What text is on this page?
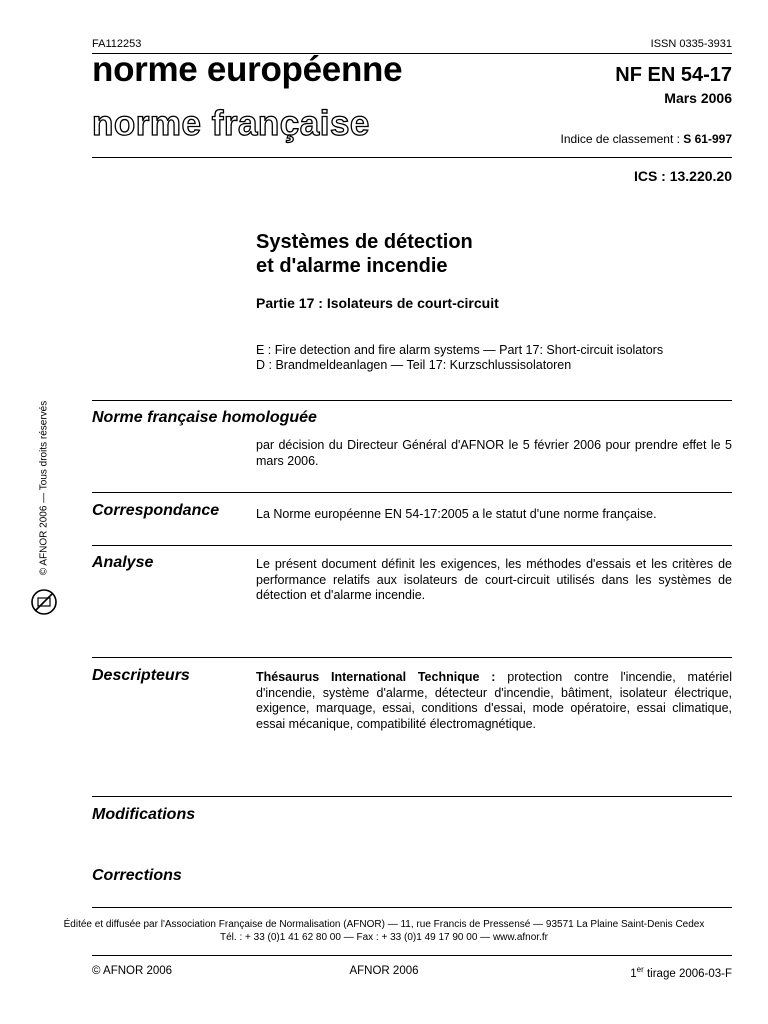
FA112253	ISSN 0335-3931
norme européenne
norme française
NF EN 54-17
Mars 2006
Indice de classement : S 61-997
ICS : 13.220.20
Systèmes de détection
et d'alarme incendie
Partie 17 : Isolateurs de court-circuit
E : Fire detection and fire alarm systems — Part 17: Short-circuit isolators
D : Brandmeldeanlagen — Teil 17: Kurzschlussisolatoren
© AFNOR 2006 — Tous droits réservés	Norme française homologuée
par décision du Directeur Général d'AFNOR le 5 février 2006 pour prendre effet le 5 mars 2006.
Correspondance	La Norme européenne EN 54-17:2005 a le statut d'une norme française.
Analyse	Le présent document définit les exigences, les méthodes d'essais et les critères de performance relatifs aux isolateurs de court-circuit utilisés dans les systèmes de détection et d'alarme incendie.
Descripteurs	Thésaurus International Technique : protection contre l'incendie, matériel d'incendie, système d'alarme, détecteur d'incendie, bâtiment, isolateur électrique, exigence, marquage, essai, conditions d'essai, mode opératoire, essai climatique, essai mécanique, compatibilité électromagnétique.
Modifications
Corrections
Éditée et diffusée par l'Association Française de Normalisation (AFNOR) — 11, rue Francis de Pressensé — 93571 La Plaine Saint-Denis Cedex
Tél. : + 33 (0)1 41 62 80 00 — Fax : + 33 (0)1 49 17 90 00 — www.afnor.fr
© AFNOR 2006	AFNOR 2006	1er tirage 2006-03-F
